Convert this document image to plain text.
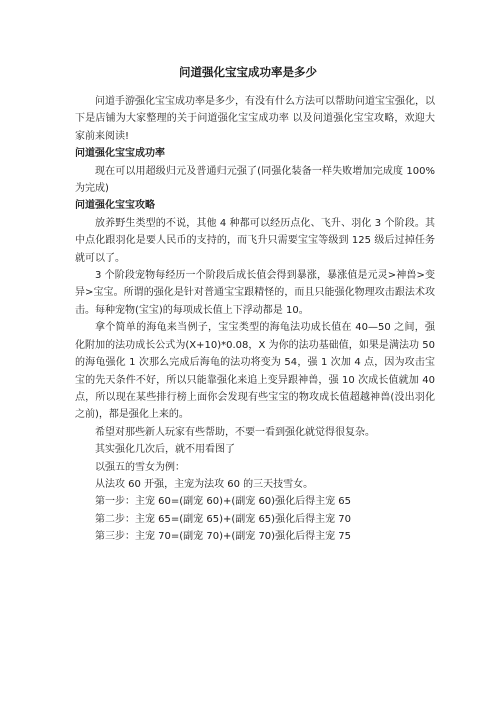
问道强化宝宝成功率是多少

问道手游强化宝宝成功率是多少，有没有什么方法可以帮助问道宝宝强化，以下是店铺为大家整理的关于问道强化宝宝成功率 以及问道强化宝宝攻略，欢迎大家前来阅读!

问道强化宝宝成功率

现在可以用超级归元及普通归元强了(同强化装备一样失败增加完成度 100%为完成)

问道强化宝宝攻略

放养野生类型的不说，其他 4 种都可以经历点化、飞升、羽化 3 个阶段。其中点化跟羽化是要人民币的支持的，而飞升只需要宝宝等级到 125 级后过掉任务就可以了。

3 个阶段宠物每经历一个阶段后成长值会得到暴涨，暴涨值是元灵>神兽>变异>宝宝。所谓的强化是针对普通宝宝跟精怪的，而且只能强化物理攻击跟法术攻击。每种宠物(宝宝)的每项成长值上下浮动都是 10。

拿个简单的海龟来当例子，宝宝类型的海龟法功成长值在 40—50 之间，强化附加的法功成长公式为(X+10)*0.08，X 为你的法功基础值，如果是满法功 50 的海龟强化 1 次那么完成后海龟的法功将变为 54，强 1 次加 4 点，因为攻击宝宝的先天条件不好，所以只能靠强化来追上变异跟神兽，强 10 次成长值就加 40 点，所以现在某些排行榜上面你会发现有些宝宝的物攻成长值超越神兽(没出羽化之前)，都是强化上来的。

希望对那些新人玩家有些帮助，不要一看到强化就觉得很复杂。

其实强化几次后，就不用看图了

以强五的雪女为例：

从法攻 60 开强，主宠为法攻 60 的三天技雪女。

第一步：主宠 60=(副宠 60)+(副宠 60)强化后得主宠 65

第二步：主宠 65=(副宠 65)+(副宠 65)强化后得主宠 70

第三步：主宠 70=(副宠 70)+(副宠 70)强化后得主宠 75
